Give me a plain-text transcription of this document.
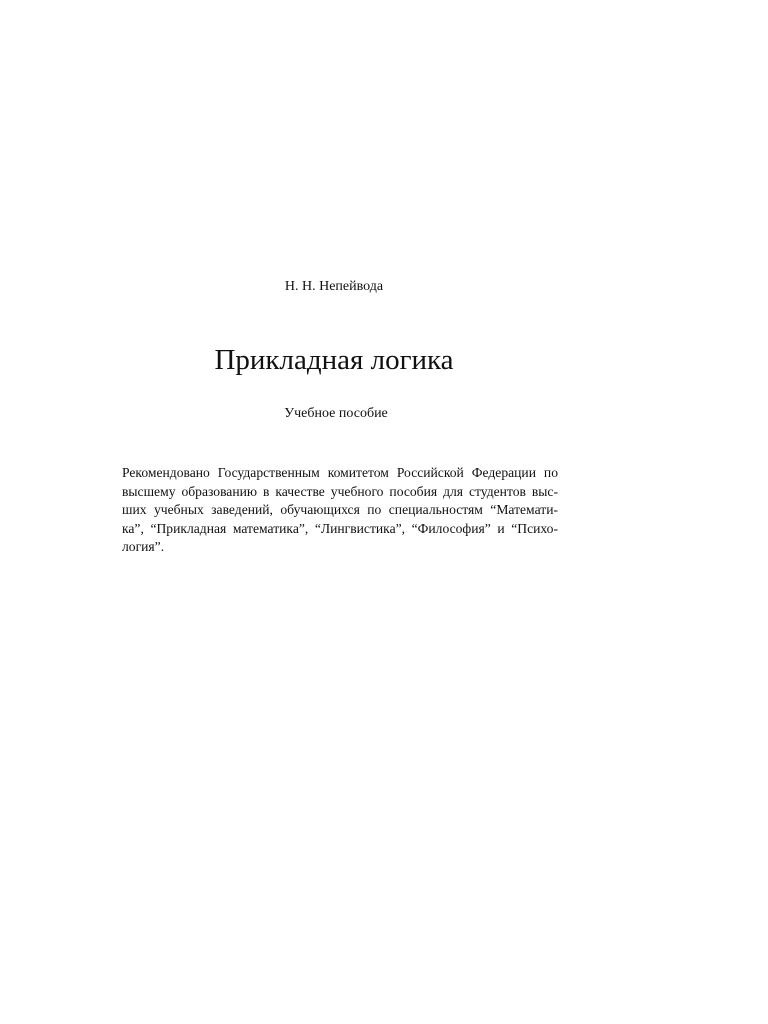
Н. Н. Непейвода

Прикладная логика

Учебное пособие

Рекомендовано Государственным комитетом Российской Федерации по
высшему образованию в качестве учебного пособия для студентов выс-
ших учебных заведений, обучающихся по специальностям “Математи-
ка”, “Прикладная математика”, “Лингвистика”, “Философия” и “Психо-
логия”.
